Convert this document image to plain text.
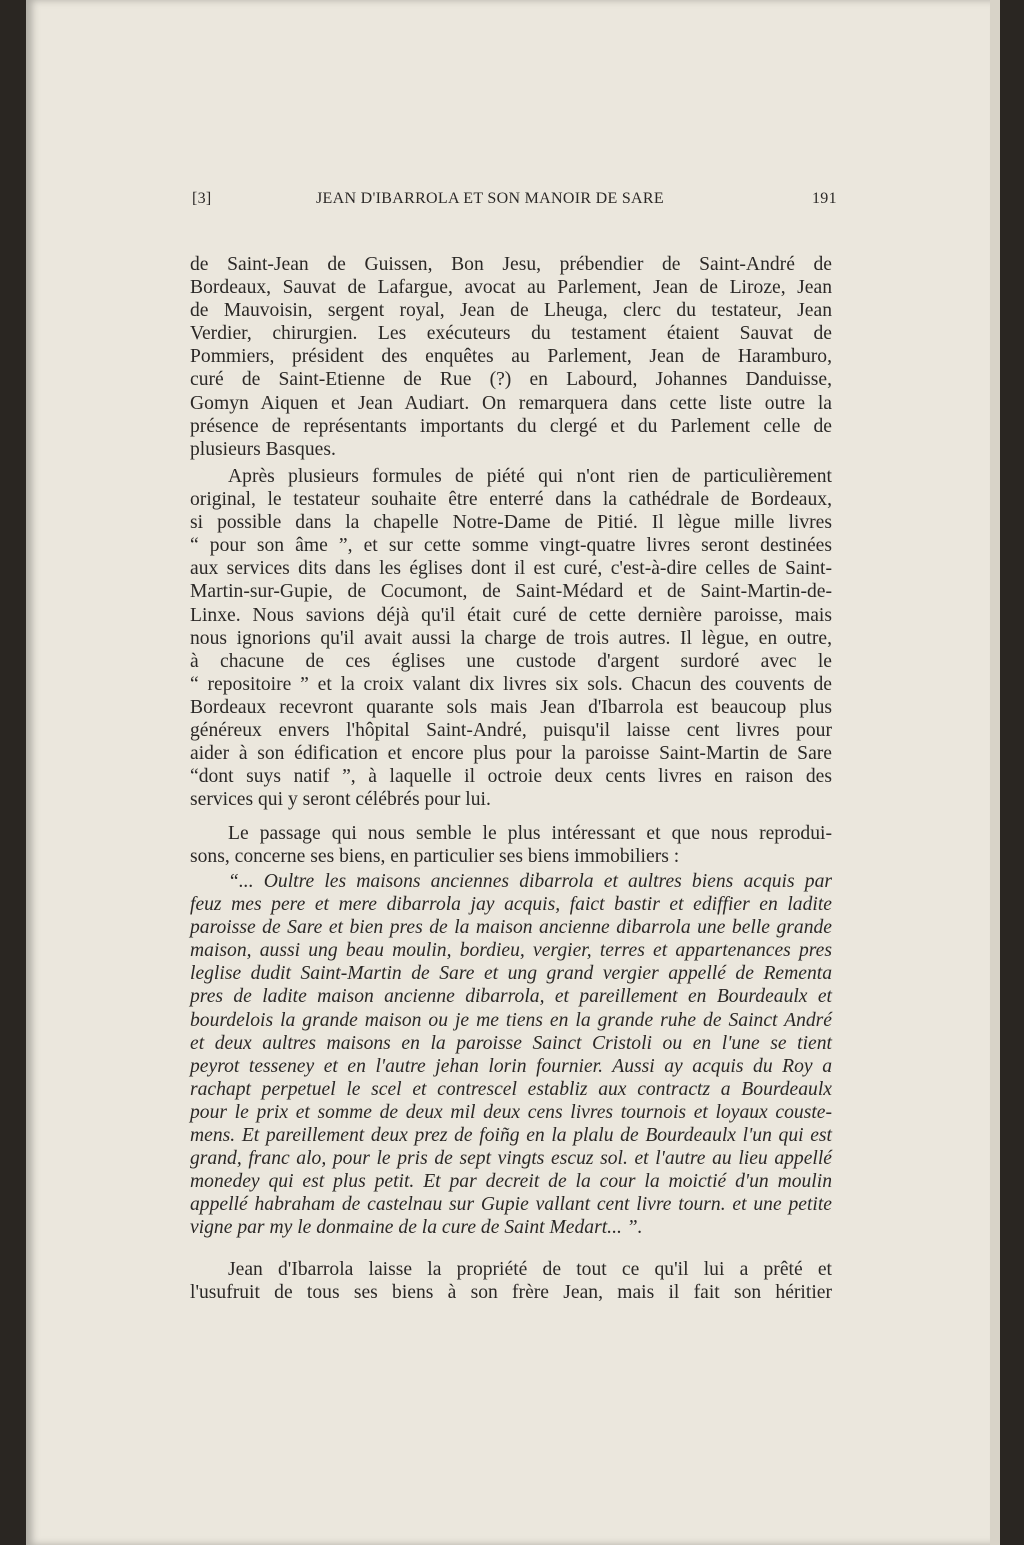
[3]	JEAN D'IBARROLA ET SON MANOIR DE SARE	191
de Saint-Jean de Guissen, Bon Jesu, prébendier de Saint-André de
Bordeaux, Sauvat de Lafargue, avocat au Parlement, Jean de Liroze, Jean
de Mauvoisin, sergent royal, Jean de Lheuga, clerc du testateur, Jean
Verdier, chirurgien. Les exécuteurs du testament étaient Sauvat de
Pommiers, président des enquêtes au Parlement, Jean de Haramburo,
curé de Saint-Etienne de Rue (?) en Labourd, Johannes Danduisse,
Gomyn Aiquen et Jean Audiart. On remarquera dans cette liste outre la
présence de représentants importants du clergé et du Parlement celle de
plusieurs Basques.
Après plusieurs formules de piété qui n'ont rien de particulièrement
original, le testateur souhaite être enterré dans la cathédrale de Bordeaux,
si possible dans la chapelle Notre-Dame de Pitié. Il lègue mille livres
“ pour son âme ”, et sur cette somme vingt-quatre livres seront destinées
aux services dits dans les églises dont il est curé, c'est-à-dire celles de Saint-
Martin-sur-Gupie, de Cocumont, de Saint-Médard et de Saint-Martin-de-
Linxe. Nous savions déjà qu'il était curé de cette dernière paroisse, mais
nous ignorions qu'il avait aussi la charge de trois autres. Il lègue, en outre,
à chacune de ces églises une custode d'argent surdoré avec le
“ repositoire ” et la croix valant dix livres six sols. Chacun des couvents de
Bordeaux recevront quarante sols mais Jean d'Ibarrola est beaucoup plus
généreux envers l'hôpital Saint-André, puisqu'il laisse cent livres pour
aider à son édification et encore plus pour la paroisse Saint-Martin de Sare
“dont suys natif ”, à laquelle il octroie deux cents livres en raison des
services qui y seront célébrés pour lui.
Le passage qui nous semble le plus intéressant et que nous reprodui-
sons, concerne ses biens, en particulier ses biens immobiliers :
“... Oultre les maisons anciennes dibarrola et aultres biens acquis par
feuz mes pere et mere dibarrola jay acquis, faict bastir et ediffier en ladite
paroisse de Sare et bien pres de la maison ancienne dibarrola une belle grande
maison, aussi ung beau moulin, bordieu, vergier, terres et appartenances pres
leglise dudit Saint-Martin de Sare et ung grand vergier appellé de Rementa
pres de ladite maison ancienne dibarrola, et pareillement en Bourdeaulx et
bourdelois la grande maison ou je me tiens en la grande ruhe de Sainct André
et deux aultres maisons en la paroisse Sainct Cristoli ou en l'une se tient
peyrot tesseney et en l'autre jehan lorin fournier. Aussi ay acquis du Roy a
rachapt perpetuel le scel et contrescel establiz aux contractz a Bourdeaulx
pour le prix et somme de deux mil deux cens livres tournois et loyaux couste-
mens. Et pareillement deux prez de foiñg en la plalu de Bourdeaulx l'un qui est
grand, franc alo, pour le pris de sept vingts escuz sol. et l'autre au lieu appellé
monedey qui est plus petit. Et par decreit de la cour la moictié d'un moulin
appellé habraham de castelnau sur Gupie vallant cent livre tourn. et une petite
vigne par my le donmaine de la cure de Saint Medart... ”.
Jean d'Ibarrola laisse la propriété de tout ce qu'il lui a prêté et
l'usufruit de tous ses biens à son frère Jean, mais il fait son héritier
